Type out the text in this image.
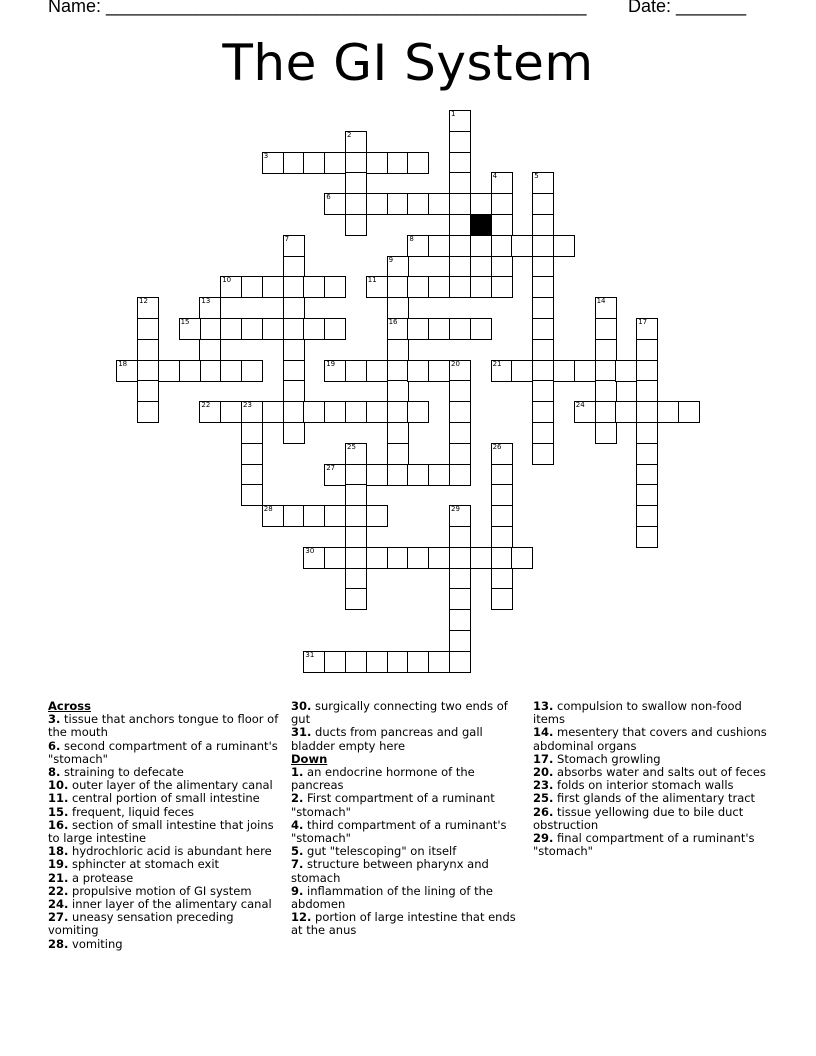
Name: ________________________________________________ Date: _______
The GI System
1
2
3
4	5
6
7	8
9
16
10	11
12	13	14
15	17
18	19	20	21
22	23	24
25	26
27
28	29
30
31
Across
3. tissue that anchors tongue to floor of the mouth
6. second compartment of a ruminant's "stomach"
8. straining to defecate
10. outer layer of the alimentary canal
11. central portion of small intestine
15. frequent, liquid feces
16. section of small intestine that joins to large intestine
18. hydrochloric acid is abundant here
19. sphincter at stomach exit
21. a protease
22. propulsive motion of GI system
24. inner layer of the alimentary canal
27. uneasy sensation preceding vomiting
28. vomiting
30. surgically connecting two ends of gut
31. ducts from pancreas and gall bladder empty here
Down
1. an endocrine hormone of the pancreas
2. First compartment of a ruminant "stomach"
4. third compartment of a ruminant's "stomach"
5. gut "telescoping" on itself
7. structure between pharynx and stomach
9. inflammation of the lining of the abdomen
12. portion of large intestine that ends at the anus
13. compulsion to swallow non-food items
14. mesentery that covers and cushions abdominal organs
17. Stomach growling
20. absorbs water and salts out of feces
23. folds on interior stomach walls
25. first glands of the alimentary tract
26. tissue yellowing due to bile duct obstruction
29. final compartment of a ruminant's "stomach"
